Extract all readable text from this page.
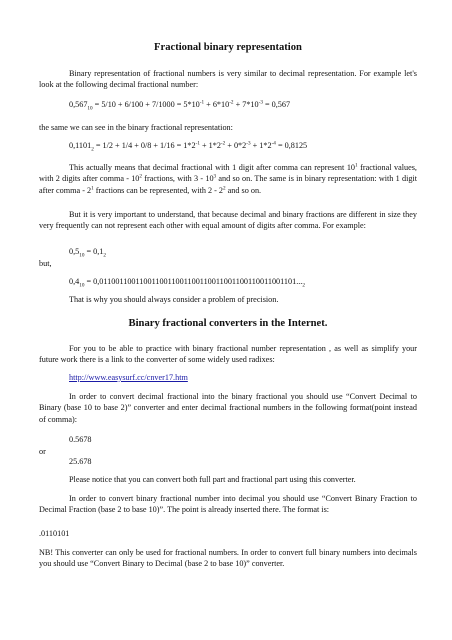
Fractional binary representation
Binary representation of fractional numbers is very similar to decimal representation. For example let's look at the following decimal fractional number:
$0,567_{10} = 5/10 + 6/100 + 7/1000 = 5*10^{-1} + 6*10^{-2} + 7*10^{-3} = 0,567$
the same we can see in the binary fractional representation:
$0,1101_2 = 1/2 + 1/4 + 0/8 + 1/16 = 1*2^{-1} + 1*2^{-2} + 0*2^{-3} + 1*2^{-4} = 0,8125$
This actually means that decimal fractional with 1 digit after comma can represent $10^1$ fractional values, with 2 digits after comma - $10^2$ fractions, with $3 - 10^3$ and so on. The same is in binary representation: with 1 digit after comma - $2^1$ fractions can be represented, with $2 - 2^2$ and so on.
But it is very important to understand, that because decimal and binary fractions are different in size they very frequently can not represent each other with equal amount of digits after comma. For example:
$0,5_{10} = 0,1_2$
but,
$0,4_{10} = 0,0110011001100110011001100110011001100110011001101..._2$
That is why you should always consider a problem of precision.
Binary fractional converters in the Internet.
For you to be able to practice with binary fractional number representation , as well as simplify your future work there is a link to the converter of some widely used radixes:
http://www.easysurf.cc/cnver17.htm
In order to convert decimal fractional into the binary fractional you should use “Convert Decimal to Binary (base 10 to base 2)” converter and enter decimal fractional numbers in the following format(point instead of comma):
0.5678
or
25.678
Please notice that you can convert both full part and fractional part using this converter.
In order to convert binary fractional number into decimal you should use “Convert Binary Fraction to Decimal Fraction (base 2 to base 10)”. The point is already inserted there. The format is:
.0110101
NB! This converter can only be used for fractional numbers. In order to convert full binary numbers into decimals you should use “Convert Binary to Decimal (base 2 to base 10)” converter.
